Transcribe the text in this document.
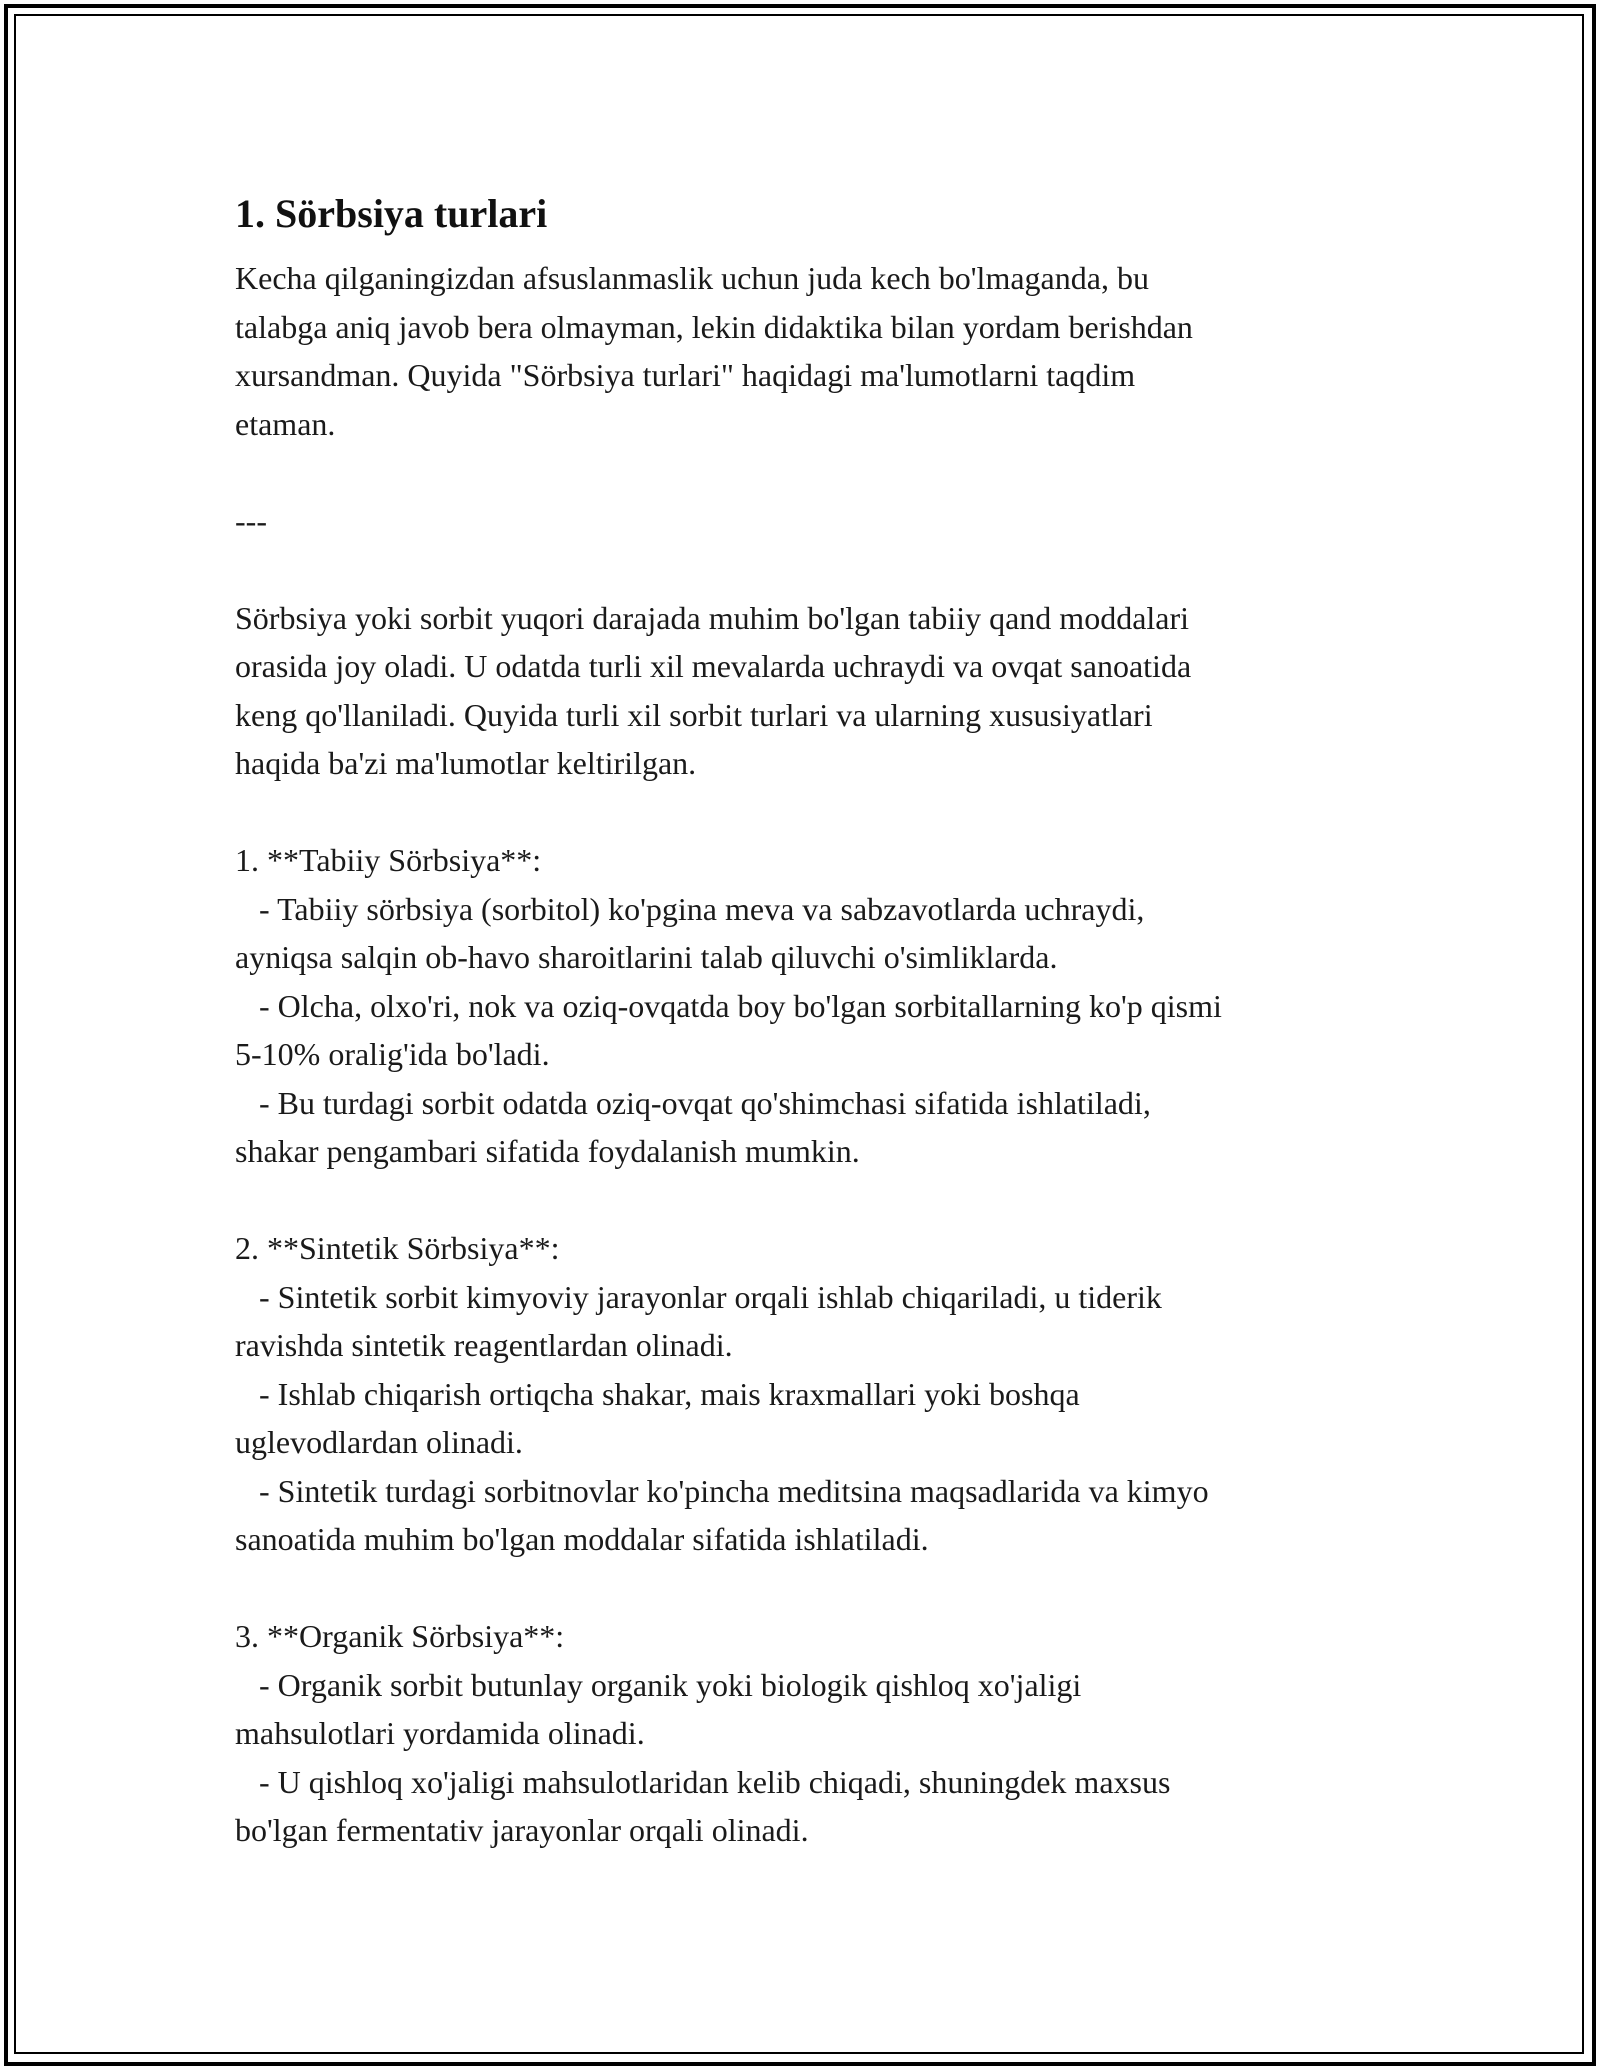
1. Sörbsiya turlari

Kecha qilganingizdan afsuslanmaslik uchun juda kech bo'lmaganda, bu
talabga aniq javob bera olmayman, lekin didaktika bilan yordam berishdan
xursandman. Quyida "Sörbsiya turlari" haqidagi ma'lumotlarni taqdim
etaman.

---

Sörbsiya yoki sorbit yuqori darajada muhim bo'lgan tabiiy qand moddalari
orasida joy oladi. U odatda turli xil mevalarda uchraydi va ovqat sanoatida
keng qo'llaniladi. Quyida turli xil sorbit turlari va ularning xususiyatlari
haqida ba'zi ma'lumotlar keltirilgan.

1. **Tabiiy Sörbsiya**:
- Tabiiy sörbsiya (sorbitol) ko'pgina meva va sabzavotlarda uchraydi,
ayniqsa salqin ob-havo sharoitlarini talab qiluvchi o'simliklarda.
- Olcha, olxo'ri, nok va oziq-ovqatda boy bo'lgan sorbitallarning ko'p qismi
5-10% oralig'ida bo'ladi.
- Bu turdagi sorbit odatda oziq-ovqat qo'shimchasi sifatida ishlatiladi,
shakar pengambari sifatida foydalanish mumkin.

2. **Sintetik Sörbsiya**:
- Sintetik sorbit kimyoviy jarayonlar orqali ishlab chiqariladi, u tiderik
ravishda sintetik reagentlardan olinadi.
- Ishlab chiqarish ortiqcha shakar, mais kraxmallari yoki boshqa
uglevodlardan olinadi.
- Sintetik turdagi sorbitnovlar ko'pincha meditsina maqsadlarida va kimyo
sanoatida muhim bo'lgan moddalar sifatida ishlatiladi.

3. **Organik Sörbsiya**:
- Organik sorbit butunlay organik yoki biologik qishloq xo'jaligi
mahsulotlari yordamida olinadi.
- U qishloq xo'jaligi mahsulotlaridan kelib chiqadi, shuningdek maxsus
bo'lgan fermentativ jarayonlar orqali olinadi.
